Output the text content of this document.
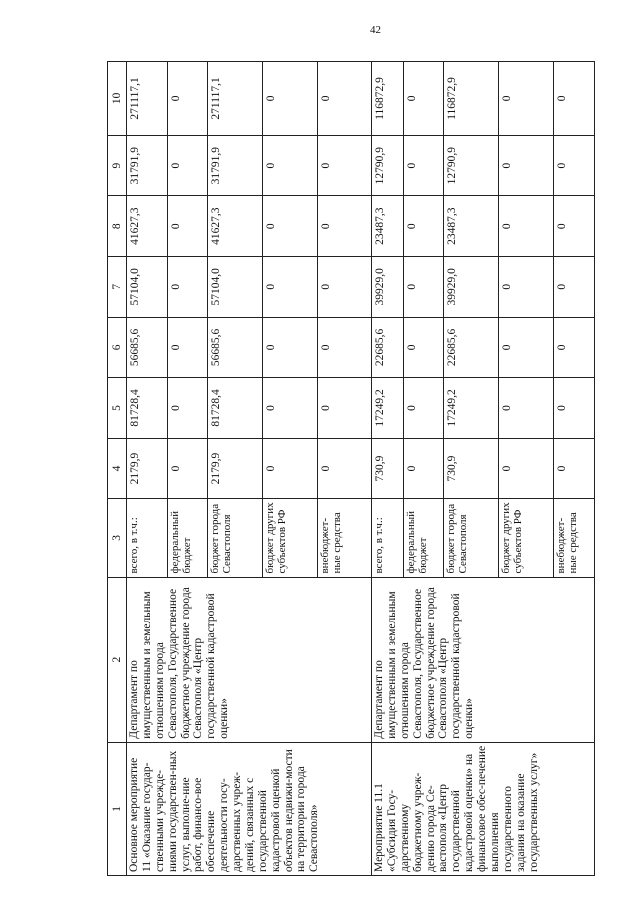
42
1	2	3	4	5	6	7	8	9	10
Основное мероприятие 11 «Оказание государ-ственными учрежде-ниями государствен-ных услуг, выполне-ние работ, финансо-вое обеспечение деятельности госу-дарственных учреж-дений, связанных с государственной кадастровой оценкой объектов недвижи-мости на территории города Севастополя»	Департамент по имущественным и земельным отношениям города Севастополя, Государственное бюджетное учреждение города Севастополя «Центр государственной кадастровой оценки»	всего, в т.ч.:	2179,9	81728,4	56685,6	57104,0	41627,3	31791,9	271117,1
		федеральный бюджет	0	0	0	0	0	0	0
		бюджет города Севастополя	2179,9	81728,4	56685,6	57104,0	41627,3	31791,9	271117,1
		бюджет других субъектов РФ	0	0	0	0	0	0	0
		внебюджет-ные средства	0	0	0	0	0	0	0
Мероприятие 11.1 «Субсидия Госу-дарственному бюджетному учреж-дению города Се-вастополя «Центр государственной кадастровой оценки» на финансовое обес-печение выполнения государственного задания на оказание государственных услуг»	Департамент по имущественным и земельным отношениям города Севастополя, Государственное бюджетное учреждение города Севастополя «Центр государственной кадастровой оценки»	всего, в т.ч.:	730,9	17249,2	22685,6	39929,0	23487,3	12790,9	116872,9
		федеральный бюджет	0	0	0	0	0	0	0
		бюджет города Севастополя	730,9	17249,2	22685,6	39929,0	23487,3	12790,9	116872,9
		бюджет других субъектов РФ	0	0	0	0	0	0	0
		внебюджет-ные средства	0	0	0	0	0	0	0
